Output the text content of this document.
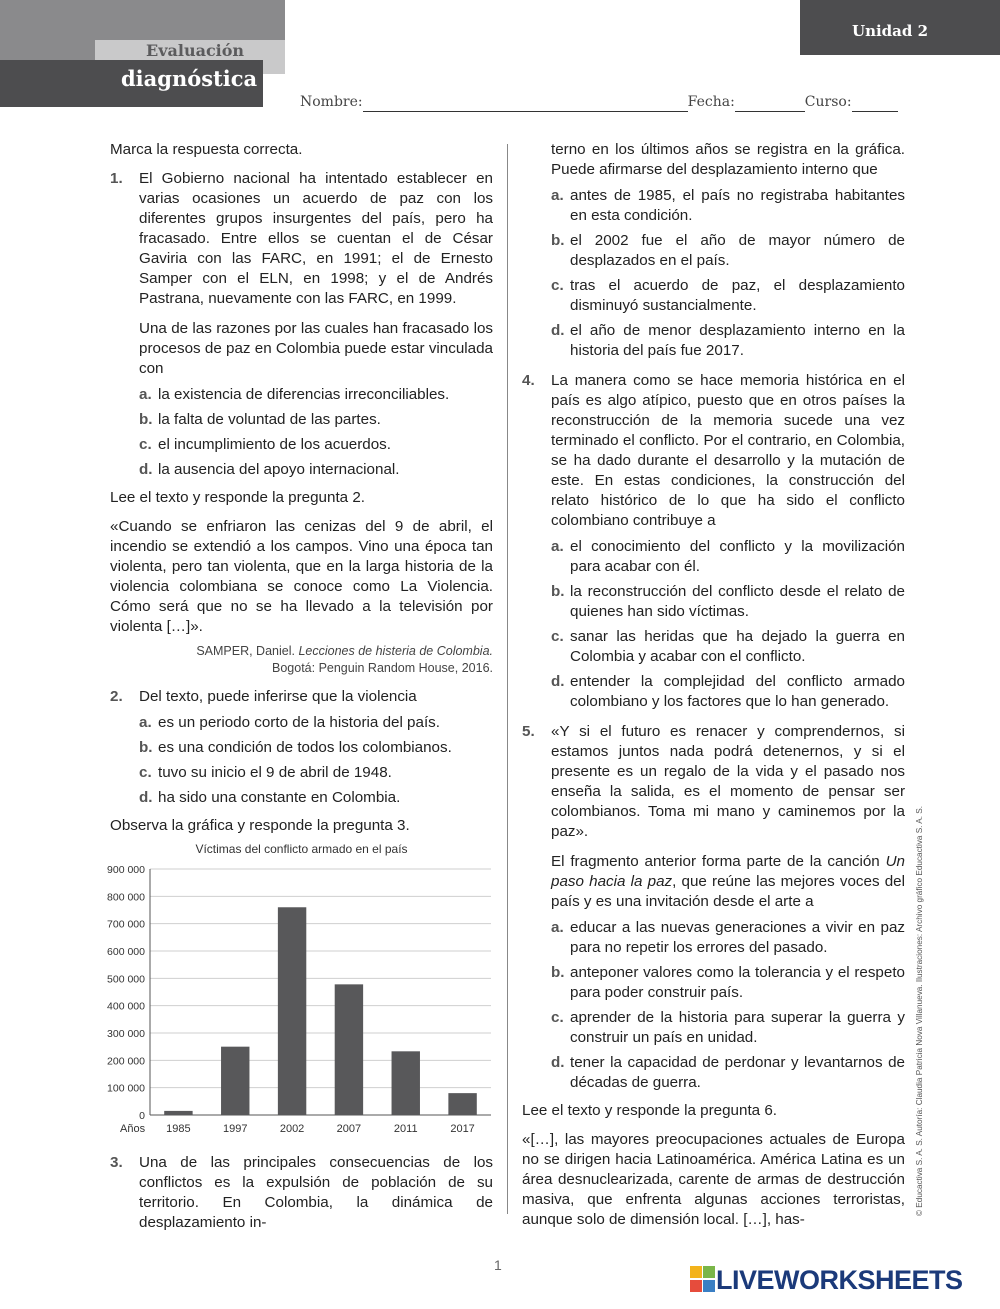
Evaluación
diagnóstica
Unidad 2
Nombre:	Fecha:	Curso:

Marca la respuesta correcta.

1. El Gobierno nacional ha intentado establecer en varias ocasiones un acuerdo de paz con los diferentes grupos insurgentes del país, pero ha fracasado. Entre ellos se cuentan el de César Gaviria con las FARC, en 1991; el de Ernesto Samper con el ELN, en 1998; y el de Andrés Pastrana, nuevamente con las FARC, en 1999.

Una de las razones por las cuales han fracasado los procesos de paz en Colombia puede estar vinculada con

a. la existencia de diferencias irreconciliables.
b. la falta de voluntad de las partes.
c. el incumplimiento de los acuerdos.
d. la ausencia del apoyo internacional.

Lee el texto y responde la pregunta 2.

«Cuando se enfriaron las cenizas del 9 de abril, el incendio se extendió a los campos. Vino una época tan violenta, pero tan violenta, que en la larga historia de la violencia colombiana se conoce como La Violencia. Cómo será que no se ha llevado a la televisión por violenta […]».

SAMPER, Daniel. Lecciones de histeria de Colombia.
Bogotá: Penguin Random House, 2016.
2. Del texto, puede inferirse que la violencia

a. es un periodo corto de la historia del país.
b. es una condición de todos los colombianos.
c. tuvo su inicio el 9 de abril de 1948.
d. ha sido una constante en Colombia.

Observa la gráfica y responde la pregunta 3.

Víctimas del conflicto armado en el país
0
100 000
200 000
300 000
400 000
500 000
600 000
700 000
800 000
900 000
1985	1997	2002	2007	2011	2017
Años
3. Una de las principales consecuencias de los conflictos es la expulsión de población de su territorio. En Colombia, la dinámica de desplazamiento in-

terno en los últimos años se registra en la gráfica. Puede afirmarse del desplazamiento interno que

a. antes de 1985, el país no registraba habitantes en esta condición.
b. el 2002 fue el año de mayor número de desplazados en el país.
c. tras el acuerdo de paz, el desplazamiento disminuyó sustancialmente.
d. el año de menor desplazamiento interno en la historia del país fue 2017.
4. La manera como se hace memoria histórica en el país es algo atípico, puesto que en otros países la reconstrucción de la memoria sucede una vez terminado el conflicto. Por el contrario, en Colombia, se ha dado durante el desarrollo y la mutación de este. En estas condiciones, la construcción del relato histórico de lo que ha sido el conflicto colombiano contribuye a

a. el conocimiento del conflicto y la movilización para acabar con él.
b. la reconstrucción del conflicto desde el relato de quienes han sido víctimas.
c. sanar las heridas que ha dejado la guerra en Colombia y acabar con el conflicto.
d. entender la complejidad del conflicto armado colombiano y los factores que lo han generado.
5. «Y si el futuro es renacer y comprendernos, si estamos juntos nada podrá detenernos, y si el presente es un regalo de la vida y el pasado nos enseña la salida, es el momento de pensar ser colombianos. Toma mi mano y caminemos por la paz».

El fragmento anterior forma parte de la canción Un paso hacia la paz, que reúne las mejores voces del país y es una invitación desde el arte a

a. educar a las nuevas generaciones a vivir en paz para no repetir los errores del pasado.
b. anteponer valores como la tolerancia y el respeto para poder construir país.
c. aprender de la historia para superar la guerra y construir un país en unidad.
d. tener la capacidad de perdonar y levantarnos de décadas de guerra.

Lee el texto y responde la pregunta 6.

«[…], las mayores preocupaciones actuales de Europa no se dirigen hacia Latinoamérica. América Latina es un área desnuclearizada, carente de armas de destrucción masiva, que enfrenta algunas acciones terroristas, aunque solo de dimensión local. […], has-

© Educactiva S. A. S. Autoría: Claudia Patricia Nova Villanueva. Ilustraciones: Archivo gráfico Educactiva S. A. S.
1	LIVEWORKSHEETS
